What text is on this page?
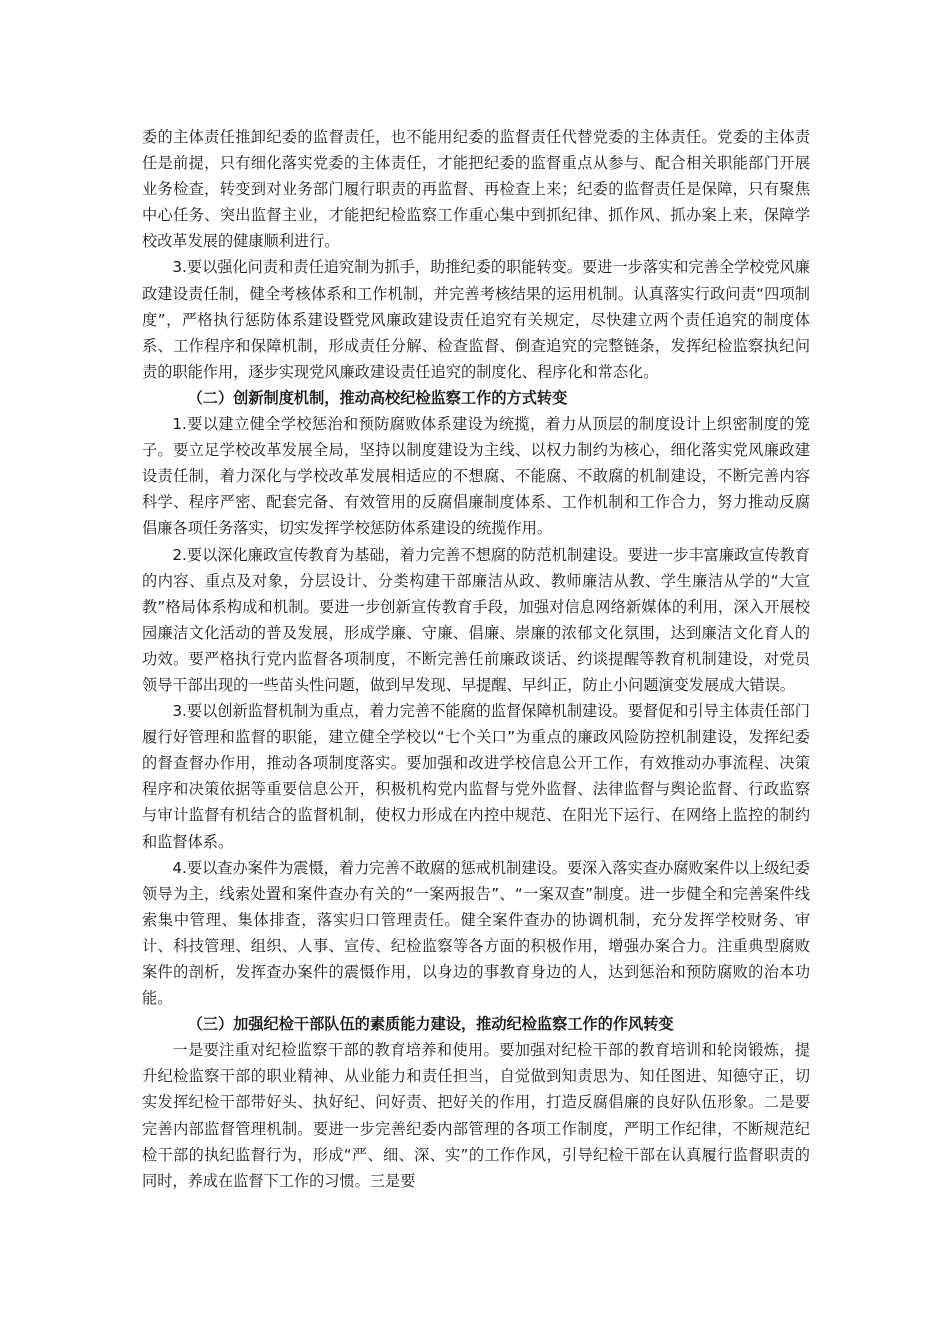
委的主体责任推卸纪委的监督责任，也不能用纪委的监督责任代替党委的主体责任。党委的主体责任是前提，只有细化落实党委的主体责任，才能把纪委的监督重点从参与、配合相关职能部门开展业务检查，转变到对业务部门履行职责的再监督、再检查上来；纪委的监督责任是保障，只有聚焦中心任务、突出监督主业，才能把纪检监察工作重心集中到抓纪律、抓作风、抓办案上来，保障学校改革发展的健康顺利进行。

3.要以强化问责和责任追究制为抓手，助推纪委的职能转变。要进一步落实和完善全学校党风廉政建设责任制，健全考核体系和工作机制，并完善考核结果的运用机制。认真落实行政问责“四项制度”，严格执行惩防体系建设暨党风廉政建设责任追究有关规定，尽快建立两个责任追究的制度体系、工作程序和保障机制，形成责任分解、检查监督、倒查追究的完整链条，发挥纪检监察执纪问责的职能作用，逐步实现党风廉政建设责任追究的制度化、程序化和常态化。

（二）创新制度机制，推动高校纪检监察工作的方式转变

1.要以建立健全学校惩治和预防腐败体系建设为统揽，着力从顶层的制度设计上织密制度的笼子。要立足学校改革发展全局，坚持以制度建设为主线、以权力制约为核心，细化落实党风廉政建设责任制，着力深化与学校改革发展相适应的不想腐、不能腐、不敢腐的机制建设，不断完善内容科学、程序严密、配套完备、有效管用的反腐倡廉制度体系、工作机制和工作合力，努力推动反腐倡廉各项任务落实，切实发挥学校惩防体系建设的统揽作用。

2.要以深化廉政宣传教育为基础，着力完善不想腐的防范机制建设。要进一步丰富廉政宣传教育的内容、重点及对象，分层设计、分类构建干部廉洁从政、教师廉洁从教、学生廉洁从学的“大宣教”格局体系构成和机制。要进一步创新宣传教育手段，加强对信息网络新媒体的利用，深入开展校园廉洁文化活动的普及发展，形成学廉、守廉、倡廉、崇廉的浓郁文化氛围，达到廉洁文化育人的功效。要严格执行党内监督各项制度，不断完善任前廉政谈话、约谈提醒等教育机制建设，对党员领导干部出现的一些苗头性问题，做到早发现、早提醒、早纠正，防止小问题演变发展成大错误。

3.要以创新监督机制为重点，着力完善不能腐的监督保障机制建设。要督促和引导主体责任部门履行好管理和监督的职能，建立健全学校以“七个关口”为重点的廉政风险防控机制建设，发挥纪委的督查督办作用，推动各项制度落实。要加强和改进学校信息公开工作，有效推动办事流程、决策程序和决策依据等重要信息公开，积极机构党内监督与党外监督、法律监督与舆论监督、行政监察与审计监督有机结合的监督机制，使权力形成在内控中规范、在阳光下运行、在网络上监控的制约和监督体系。

4.要以查办案件为震慑，着力完善不敢腐的惩戒机制建设。要深入落实查办腐败案件以上级纪委领导为主，线索处置和案件查办有关的“一案两报告”、“一案双查”制度。进一步健全和完善案件线索集中管理、集体排查，落实归口管理责任。健全案件查办的协调机制，充分发挥学校财务、审计、科技管理、组织、人事、宣传、纪检监察等各方面的积极作用，增强办案合力。注重典型腐败案件的剖析，发挥查办案件的震慑作用，以身边的事教育身边的人，达到惩治和预防腐败的治本功能。

（三）加强纪检干部队伍的素质能力建设，推动纪检监察工作的作风转变

一是要注重对纪检监察干部的教育培养和使用。要加强对纪检干部的教育培训和轮岗锻炼，提升纪检监察干部的职业精神、从业能力和责任担当，自觉做到知责思为、知任图进、知德守正，切实发挥纪检干部带好头、执好纪、问好责、把好关的作用，打造反腐倡廉的良好队伍形象。二是要完善内部监督管理机制。要进一步完善纪委内部管理的各项工作制度，严明工作纪律，不断规范纪检干部的执纪监督行为，形成“严、细、深、实”的工作作风，引导纪检干部在认真履行监督职责的同时，养成在监督下工作的习惯。三是要
